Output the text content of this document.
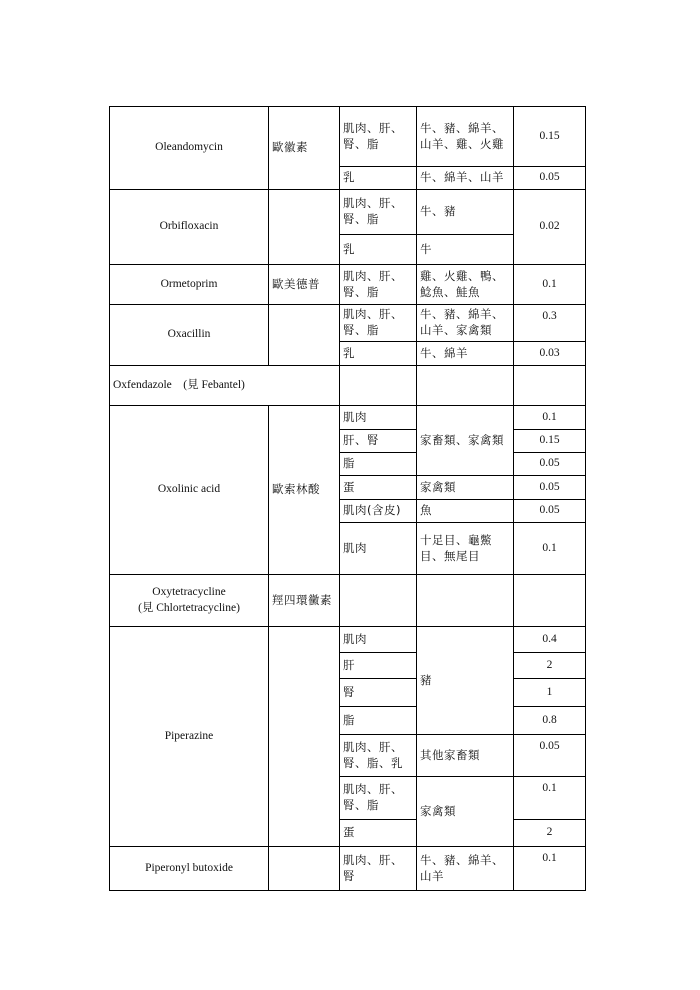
Oleandomycin	歐徽素	肌肉、肝、腎、脂	牛、豬、綿羊、山羊、雞、火雞	0.15
		乳	牛、綿羊、山羊	0.05
Orbifloxacin		肌肉、肝、腎、脂	牛、豬	0.02
		乳	牛	
Ormetoprim	歐美德普	肌肉、肝、腎、脂	雞、火雞、鴨、鯰魚、鮭魚	0.1
Oxacillin		肌肉、肝、腎、脂	牛、豬、綿羊、山羊、家禽類	0.3
		乳	牛、綿羊	0.03
Oxfendazole　(見 Febantel)				
Oxolinic acid	歐索林酸	肌肉	家畜類、家禽類	0.1
		肝、腎		0.15
		脂		0.05
		蛋	家禽類	0.05
		肌肉(含皮)	魚	0.05
		肌肉	十足目、龜鱉目、無尾目	0.1

Oxytetracycline
(見 Chlortetracycline)	羥四環黴素			
Piperazine		肌肉	豬	0.4
		肝		2
		腎		1
		脂		0.8
		肌肉、肝、腎、脂、乳	其他家畜類	0.05
		肌肉、肝、腎、脂	家禽類	0.1
		蛋		2
Piperonyl butoxide		肌肉、肝、腎	牛、豬、綿羊、山羊	0.1
